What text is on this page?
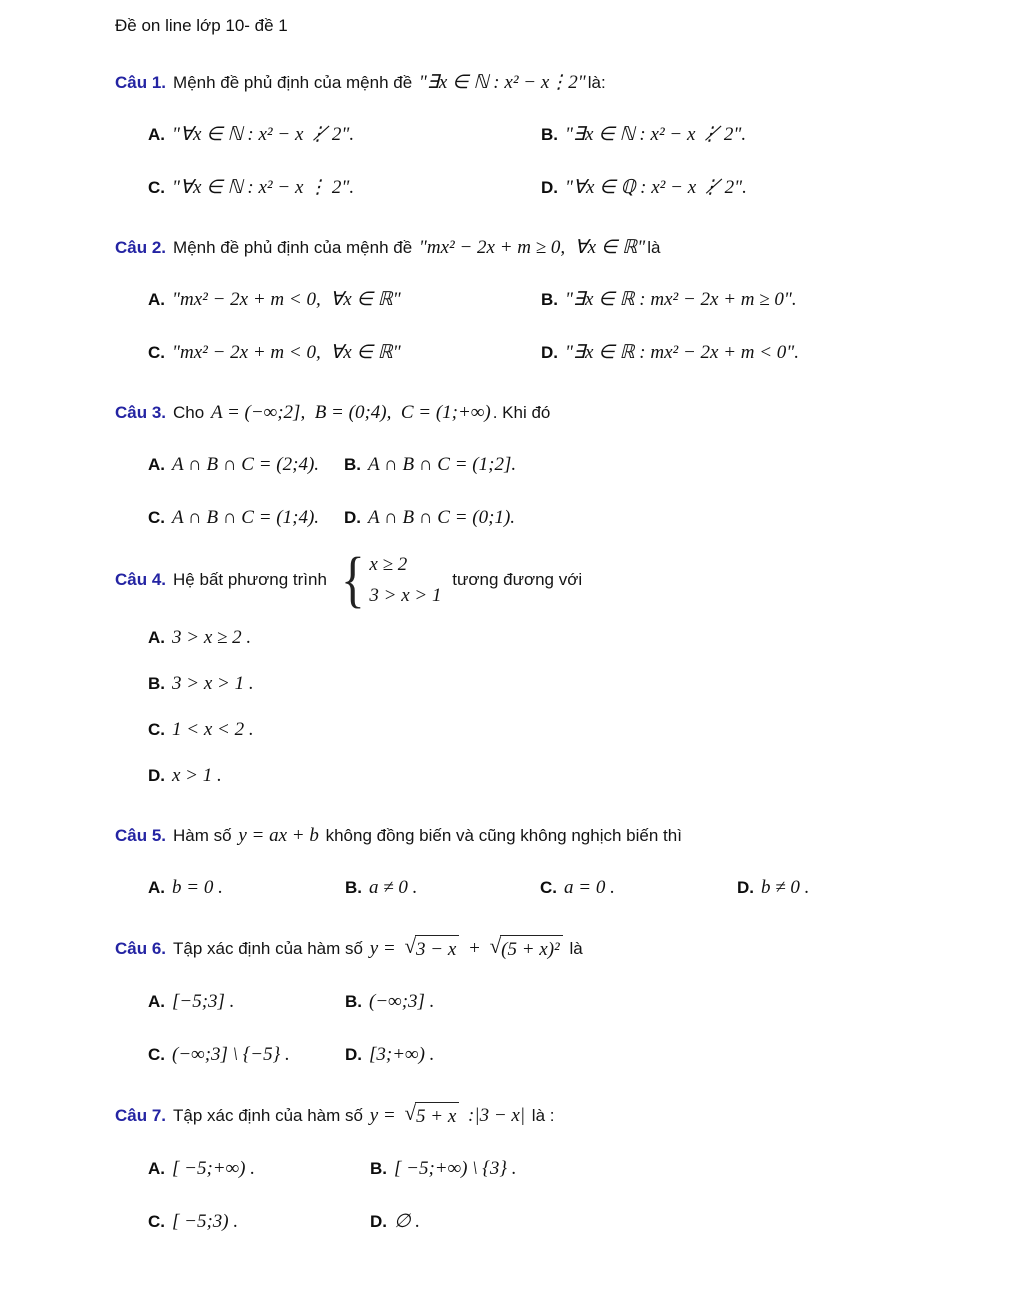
Đề on line lớp 10- đề 1
Câu 1. Mệnh đề phủ định của mệnh đề "∃x ∈ ℕ : x² − x⋮2" là:
A. "∀x ∈ ℕ : x² − x ⋮̸ 2".	B. "∃x ∈ ℕ : x² − x ⋮̸ 2".
C. "∀x ∈ ℕ : x² − x ⋮ 2".	D. "∀x ∈ ℚ : x² − x ⋮̸ 2".
Câu 2. Mệnh đề phủ định của mệnh đề "mx² − 2x + m ≥ 0,  ∀x ∈ ℝ" là
A. "mx² − 2x + m < 0,  ∀x ∈ ℝ"	B. "∃x ∈ ℝ : mx² − 2x + m ≥ 0".
C. "mx² − 2x + m < 0,  ∀x ∈ ℝ"	D. "∃x ∈ ℝ : mx² − 2x + m < 0".
Câu 3. Cho A = (−∞;2],  B = (0;4),  C = (1;+∞) . Khi đó
A. A ∩ B ∩ C = (2;4).	B. A ∩ B ∩ C = (1;2].
C. A ∩ B ∩ C = (1;4).	D. A ∩ B ∩ C = (0;1).
Câu 4. Hệ bất phương trình { x ≥ 2
3 > x > 1
tương đương với
A. 3 > x ≥ 2 .
B. 3 > x > 1 .
C. 1 < x < 2 .
D. x > 1 .
Câu 5. Hàm số y = ax + b không đồng biến và cũng không nghịch biến thì
A. b = 0 .	B. a ≠ 0 .	C. a = 0 .	D. b ≠ 0 .
Câu 6. Tập xác định của hàm số y = √ 3 − x + √ (5 + x)² là
A. [−5;3] .	B. (−∞;3] .
C. (−∞;3] \ {−5} .	D. [3;+∞) .
Câu 7. Tập xác định của hàm số y = √ 5 + x :|3 − x| là :
A. [ −5;+∞) .	B. [ −5;+∞) \ {3} .
C. [ −5;3) .	D. ∅ .
